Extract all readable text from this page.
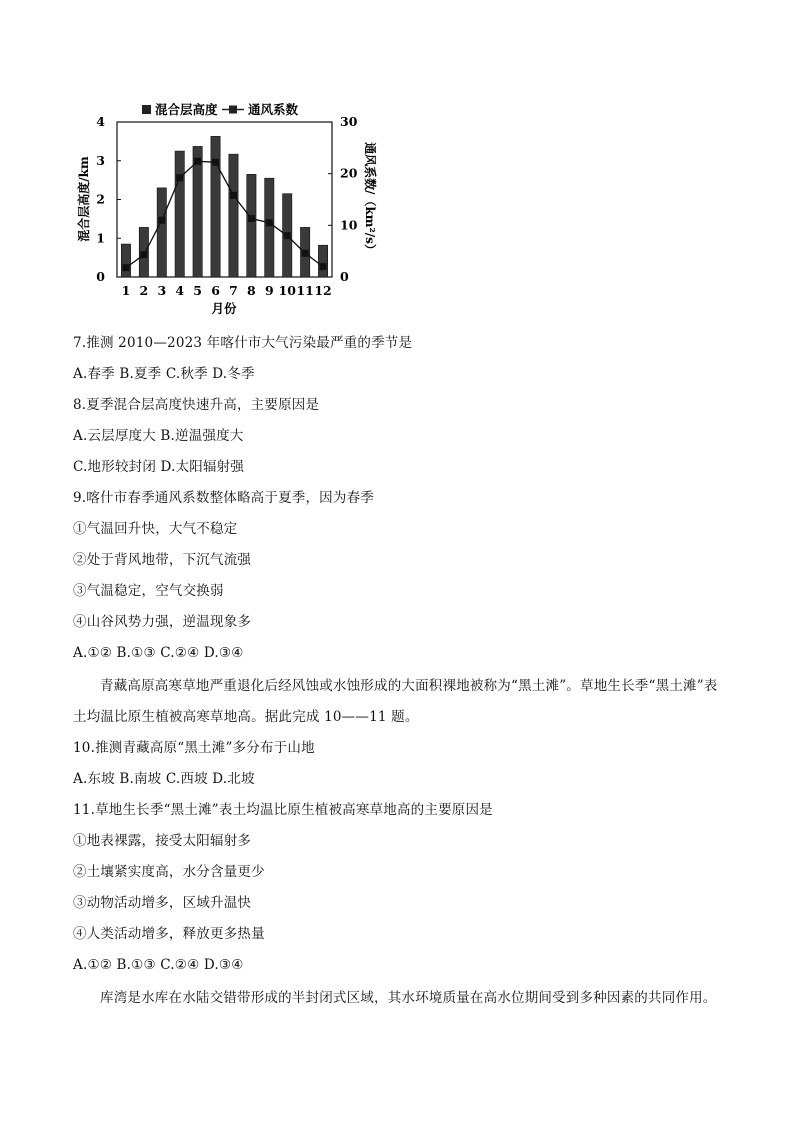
混合层高度 通风系数
0
1
2
3
4
0
10
20
30
1 2 3 4 5 6 7 8 9 10 11 12
月份
混合层高度/km	通风系数/（km²/s）
7.推测 2010—2023 年喀什市大气污染最严重的季节是
A.春季 B.夏季 C.秋季 D.冬季
8.夏季混合层高度快速升高，主要原因是
A.云层厚度大 B.逆温强度大
C.地形较封闭 D.太阳辐射强
9.喀什市春季通风系数整体略高于夏季，因为春季
①气温回升快，大气不稳定
②处于背风地带，下沉气流强
③气温稳定，空气交换弱
④山谷风势力强，逆温现象多
A.①② B.①③ C.②④ D.③④
青藏高原高寒草地严重退化后经风蚀或水蚀形成的大面积裸地被称为“黑土滩”。草地生长季“黑土滩”表
土均温比原生植被高寒草地高。据此完成 10——11 题。
10.推测青藏高原“黑土滩”多分布于山地
A.东坡 B.南坡 C.西坡 D.北坡
11.草地生长季“黑土滩”表土均温比原生植被高寒草地高的主要原因是
①地表裸露，接受太阳辐射多
②土壤紧实度高，水分含量更少
③动物活动增多，区域升温快
④人类活动增多，释放更多热量
A.①② B.①③ C.②④ D.③④
库湾是水库在水陆交错带形成的半封闭式区域，其水环境质量在高水位期间受到多种因素的共同作用。
